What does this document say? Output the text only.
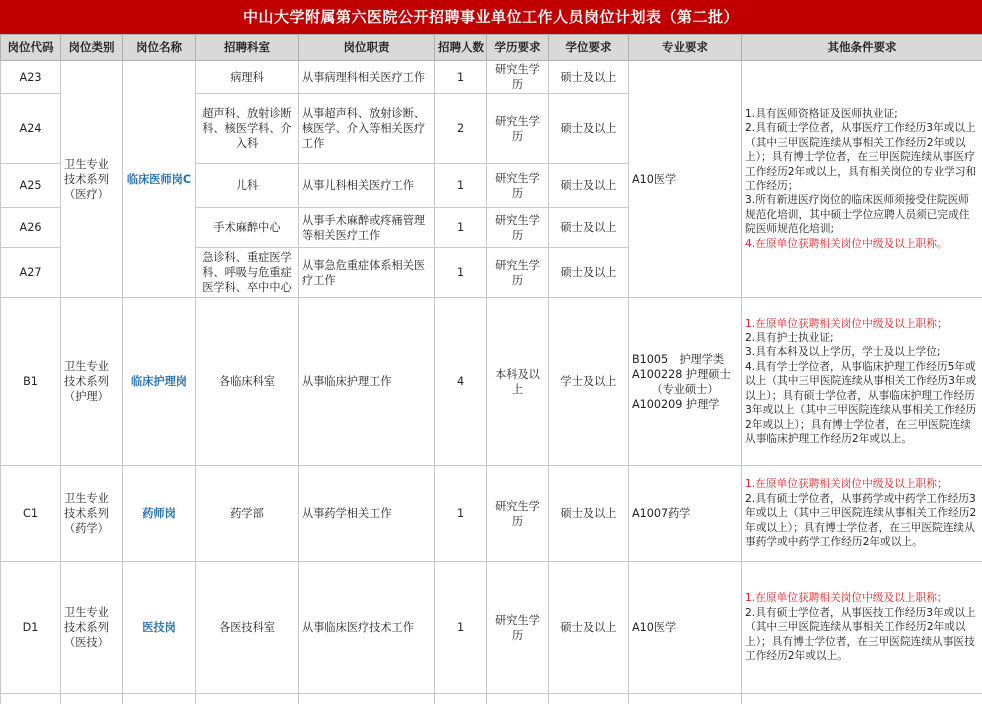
中山大学附属第六医院公开招聘事业单位工作人员岗位计划表（第二批）
岗位代码	岗位类别	岗位名称	招聘科室	岗位职责	招聘人数	学历要求	学位要求	专业要求	其他条件要求
A23	卫生专业技术系列（医疗）	临床医师岗C	病理科	从事病理科相关医疗工作	1	研究生学历	硕士及以上	A10医学	1.具有医师资格证及医师执业证;
2.具有硕士学位者，从事医疗工作经历3年或以上（其中三甲医院连续从事相关工作经历2年或以上）；具有博士学位者，在三甲医院连续从事医疗工作经历2年或以上，具有相关岗位的专业学习和工作经历；
3.所有新进医疗岗位的临床医师须接受住院医师规范化培训，其中硕士学位应聘人员须已完成住院医师规范化培训;
4.在原单位获聘相关岗位中级及以上职称。

A24			超声科、放射诊断科、核医学科、介入科	从事超声科、放射诊断、核医学、介入等相关医疗工作	2	研究生学历	硕士及以上		
A25			儿科	从事儿科相关医疗工作	1	研究生学历	硕士及以上		
A26			手术麻醉中心	从事手术麻醉或疼痛管理等相关医疗工作	1	研究生学历	硕士及以上		
A27			急诊科、重症医学科、呼吸与危重症医学科、卒中中心	从事急危重症体系相关医疗工作	1	研究生学历	硕士及以上		
B1	卫生专业技术系列（护理）	临床护理岗	各临床科室	从事临床护理工作	4	本科及以上	学士及以上	B1005　护理学类
A100228 护理硕士
（专业硕士）
A100209 护理学	1.在原单位获聘相关岗位中级及以上职称；
2.具有护士执业证;
3.具有本科及以上学历，学士及以上学位;
4.具有学士学位者，从事临床护理工作经历5年或以上（其中三甲医院连续从事相关工作经历3年或以上）；具有硕士学位者，从事临床护理工作经历3年或以上（其中三甲医院连续从事相关工作经历2年或以上）；具有博士学位者，在三甲医院连续从事临床护理工作经历2年或以上。

C1	卫生专业技术系列（药学）	药师岗	药学部	从事药学相关工作	1	研究生学历	硕士及以上	A1007药学	1.在原单位获聘相关岗位中级及以上职称；
2.具有硕士学位者，从事药学或中药学工作经历3年或以上（其中三甲医院连续从事相关工作经历2年或以上）；具有博士学位者，在三甲医院连续从事药学或中药学工作经历2年或以上。

D1	卫生专业技术系列（医技）	医技岗	各医技科室	从事临床医疗技术工作	1	研究生学历	硕士及以上	A10医学	1.在原单位获聘相关岗位中级及以上职称；
2.具有硕士学位者，从事医技工作经历3年或以上（其中三甲医院连续从事相关工作经历2年或以上）；具有博士学位者，在三甲医院连续从事医技工作经历2年或以上。
